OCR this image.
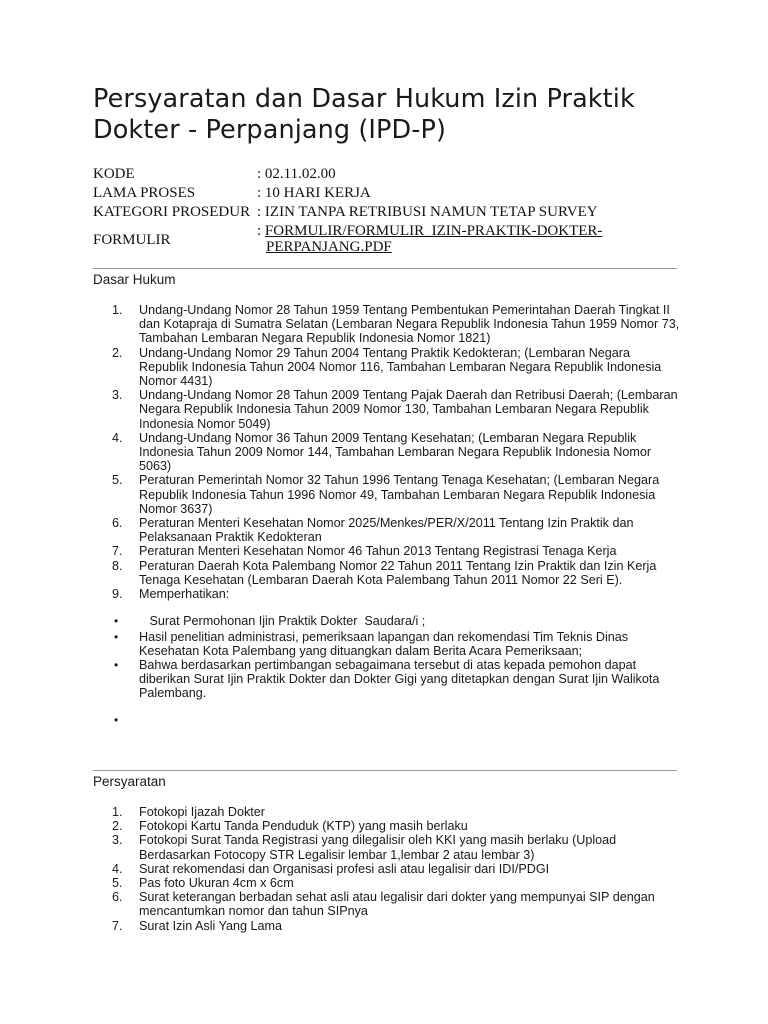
Persyaratan dan Dasar Hukum Izin Praktik
Dokter - Perpanjang (IPD-P)
KODE	: 02.11.02.00
LAMA PROSES	: 10 HARI KERJA
KATEGORI PROSEDUR : IZIN TANPA RETRIBUSI NAMUN TETAP SURVEY
FORMULIR
: FORMULIR/FORMULIR_IZIN-PRAKTIK-DOKTER-
PERPANJANG.PDF
Dasar Hukum
1. Undang-Undang Nomor 28 Tahun 1959 Tentang Pembentukan Pemerintahan Daerah Tingkat II dan Kotapraja di Sumatra Selatan (Lembaran Negara Republik Indonesia Tahun 1959 Nomor 73, Tambahan Lembaran Negara Republik Indonesia Nomor 1821)
2. Undang-Undang Nomor 29 Tahun 2004 Tentang Praktik Kedokteran; (Lembaran Negara Republik Indonesia Tahun 2004 Nomor 116, Tambahan Lembaran Negara Republik Indonesia Nomor 4431)
3. Undang-Undang Nomor 28 Tahun 2009 Tentang Pajak Daerah dan Retribusi Daerah; (Lembaran Negara Republik Indonesia Tahun 2009 Nomor 130, Tambahan Lembaran Negara Republik Indonesia Nomor 5049)
4. Undang-Undang Nomor 36 Tahun 2009 Tentang Kesehatan; (Lembaran Negara Republik Indonesia Tahun 2009 Nomor 144, Tambahan Lembaran Negara Republik Indonesia Nomor 5063)
5. Peraturan Pemerintah Nomor 32 Tahun 1996 Tentang Tenaga Kesehatan; (Lembaran Negara Republik Indonesia Tahun 1996 Nomor 49, Tambahan Lembaran Negara Republik Indonesia Nomor 3637)
6. Peraturan Menteri Kesehatan Nomor 2025/Menkes/PER/X/2011 Tentang Izin Praktik dan Pelaksanaan Praktik Kedokteran
7. Peraturan Menteri Kesehatan Nomor 46 Tahun 2013 Tentang Registrasi Tenaga Kerja
8. Peraturan Daerah Kota Palembang Nomor 22 Tahun 2011 Tentang Izin Praktik dan Izin Kerja Tenaga Kesehatan (Lembaran Daerah Kota Palembang Tahun 2011 Nomor 22 Seri E).
9. Memperhatikan:
• Surat Permohonan Ijin Praktik Dokter  Saudara/i ;
• Hasil penelitian administrasi, pemeriksaan lapangan dan rekomendasi Tim Teknis Dinas Kesehatan Kota Palembang yang dituangkan dalam Berita Acara Pemeriksaan;
• Bahwa berdasarkan pertimbangan sebagaimana tersebut di atas kepada pemohon dapat diberikan Surat Ijin Praktik Dokter dan Dokter Gigi yang ditetapkan dengan Surat Ijin Walikota Palembang.
•
Persyaratan
1. Fotokopi Ijazah Dokter
2. Fotokopi Kartu Tanda Penduduk (KTP) yang masih berlaku
3. Fotokopi Surat Tanda Registrasi yang dilegalisir oleh KKI yang masih berlaku (Upload Berdasarkan Fotocopy STR Legalisir lembar 1,lembar 2 atau lembar 3)
4. Surat rekomendasi dan Organisasi profesi asli atau legalisir dari IDI/PDGI
5. Pas foto Ukuran 4cm x 6cm
6. Surat keterangan berbadan sehat asli atau legalisir dari dokter yang mempunyai SIP dengan mencantumkan nomor dan tahun SIPnya
7. Surat Izin Asli Yang Lama
